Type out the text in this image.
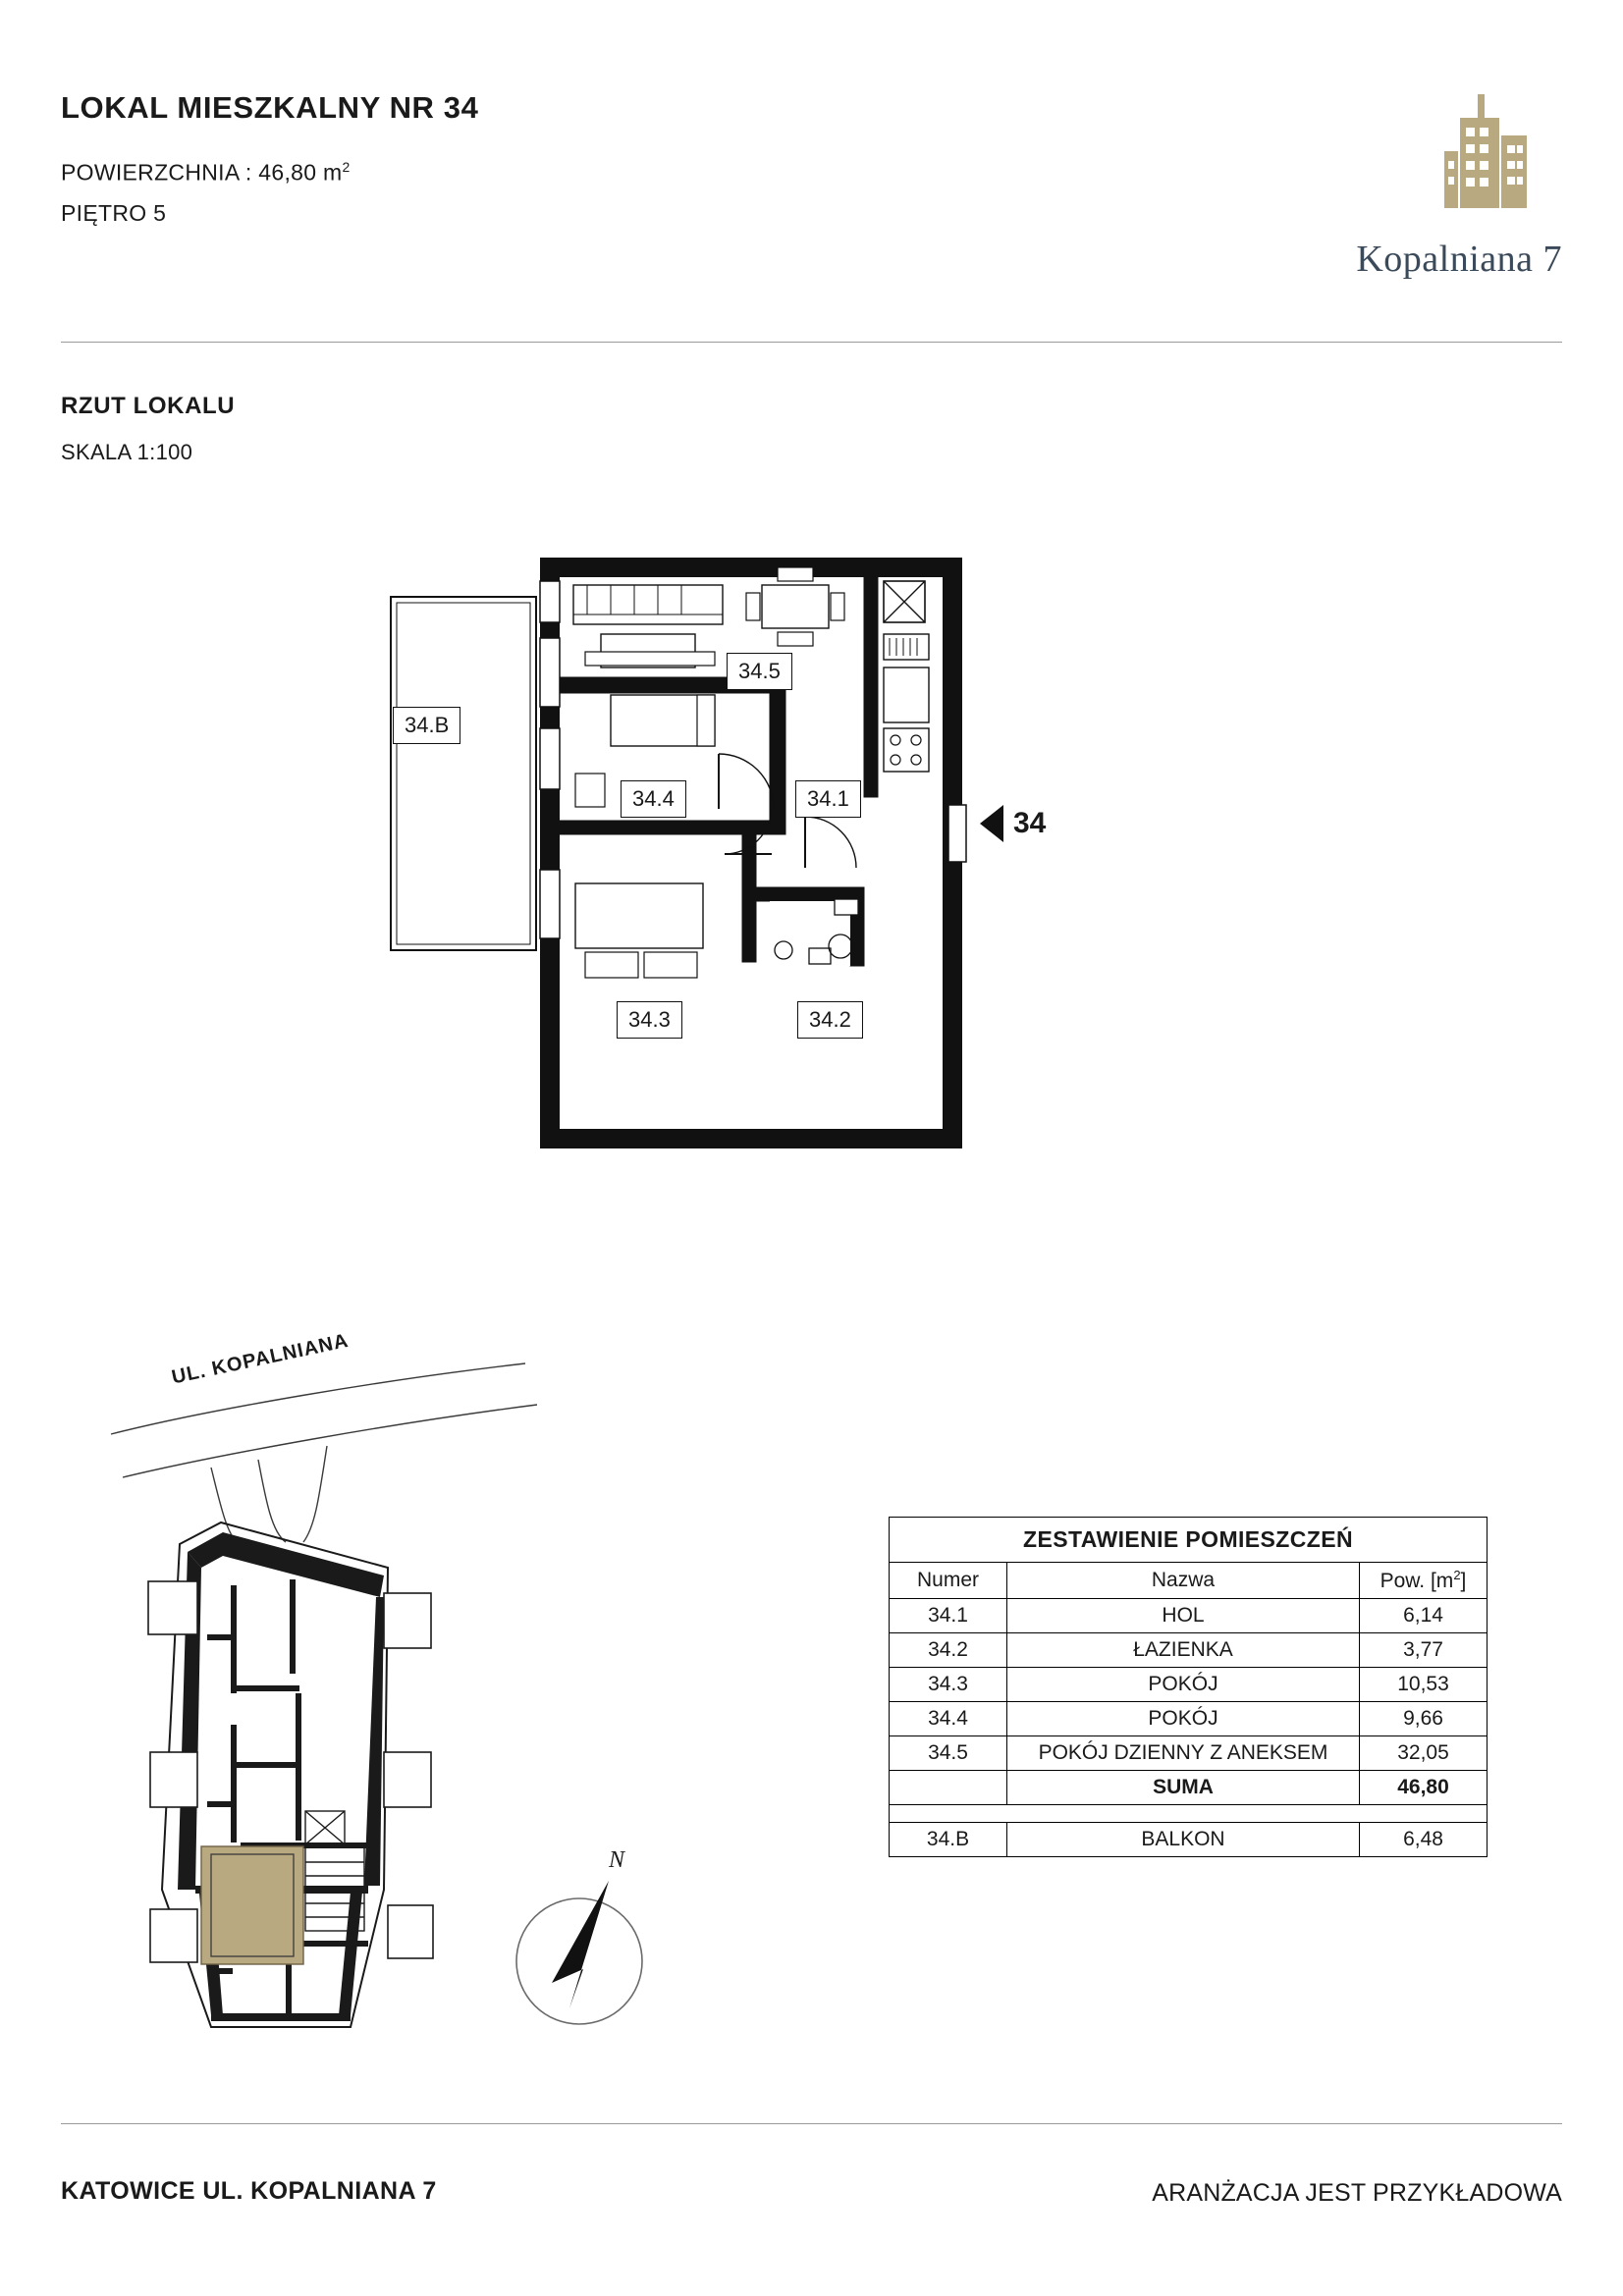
LOKAL MIESZKALNY NR 34
POWIERZCHNIA : 46,80 $m^2$
PIĘTRO 5
Kopalniana 7
RZUT LOKALU
SKALA 1:100
34.B
34.5
34.4	34.1
34.3	34.2
34
UL. KOPALNIANA
N
ZESTAWIENIE POMIESZCZEŃ		
Numer	Nazwa	Pow. $[m^2]$
34.1	HOL	6,14
34.2	ŁAZIENKA	3,77
34.3	POKÓJ	10,53
34.4	POKÓJ	9,66
34.5	POKÓJ DZIENNY Z ANEKSEM	32,05
	SUMA	46,80

34.B	BALKON	6,48
KATOWICE UL. KOPALNIANA 7	ARANŻACJA JEST PRZYKŁADOWA
